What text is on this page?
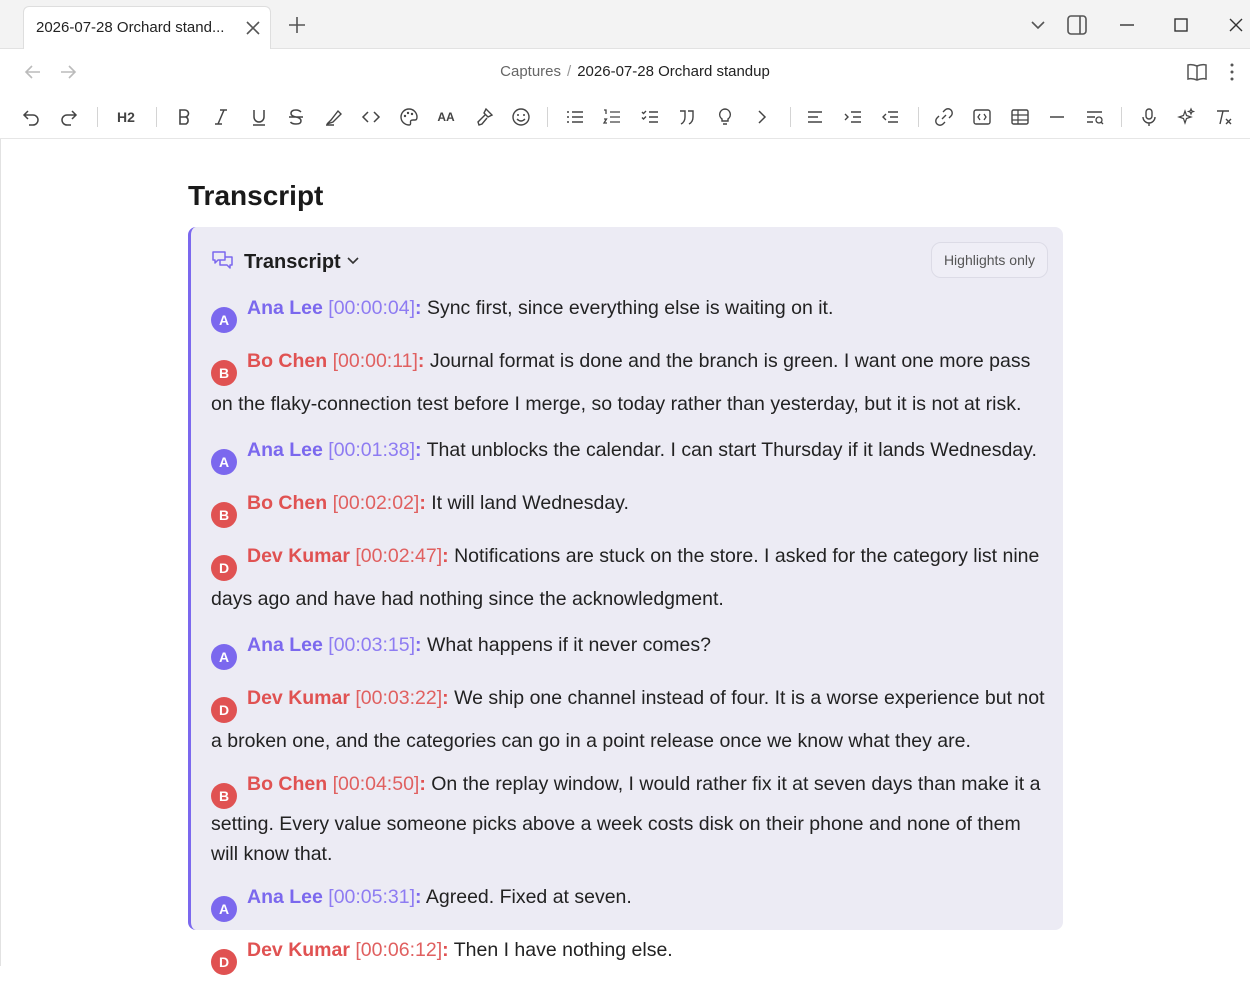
2026-07-28 Orchard stand...
Captures / 2026-07-28 Orchard standup
H2	AA
Transcript
Transcript	Highlights only
AAna Lee [00:00:04]: Sync first, since everything else is waiting on it.
BBo Chen [00:00:11]: Journal format is done and the branch is green. I want one more pass on the flaky-connection test before I merge, so today rather than yesterday, but it is not at risk.
AAna Lee [00:01:38]: That unblocks the calendar. I can start Thursday if it lands Wednesday.
BBo Chen [00:02:02]: It will land Wednesday.
DDev Kumar [00:02:47]: Notifications are stuck on the store. I asked for the category list nine days ago and have had nothing since the acknowledgment.
AAna Lee [00:03:15]: What happens if it never comes?
DDev Kumar [00:03:22]: We ship one channel instead of four. It is a worse experience but not a broken one, and the categories can go in a point release once we know what they are.
BBo Chen [00:04:50]: On the replay window, I would rather fix it at seven days than make it a setting. Every value someone picks above a week costs disk on their phone and none of them will know that.
AAna Lee [00:05:31]: Agreed. Fixed at seven.
DDev Kumar [00:06:12]: Then I have nothing else.
